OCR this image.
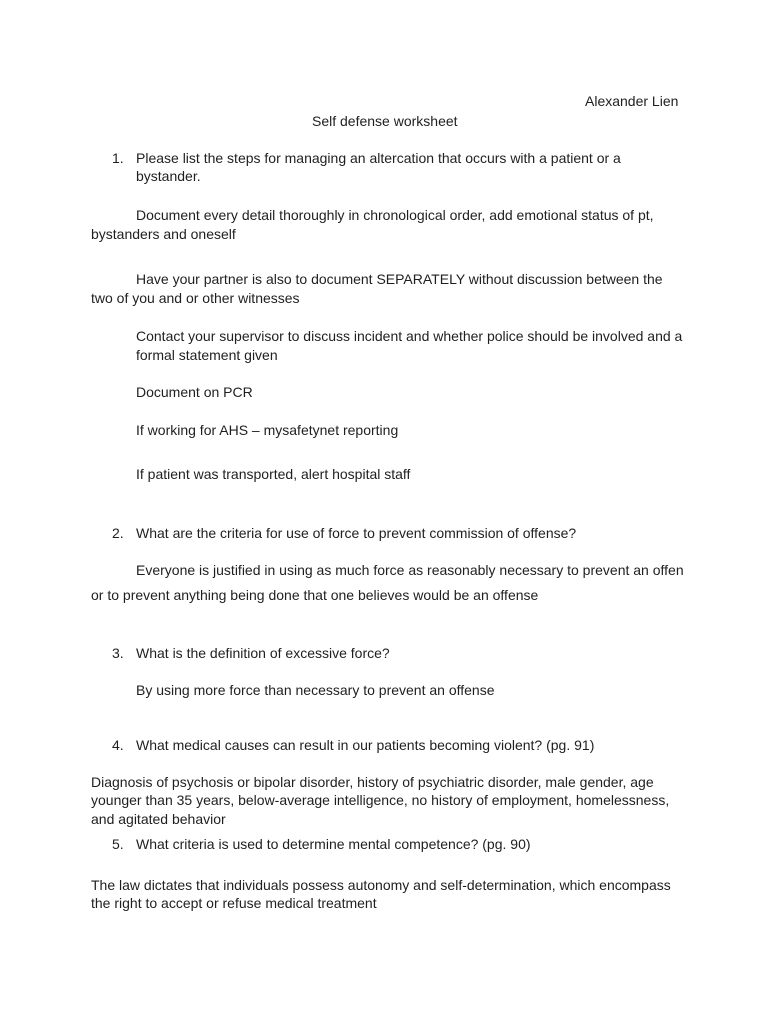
Alexander Lien

Self defense worksheet

1. Please list the steps for managing an altercation that occurs with a patient or a

bystander.

Document every detail thoroughly in chronological order, add emotional status of pt,

bystanders and oneself

Have your partner is also to document SEPARATELY without discussion between the

two of you and or other witnesses

Contact your supervisor to discuss incident and whether police should be involved and a

formal statement given

Document on PCR

If working for AHS – mysafetynet reporting

If patient was transported, alert hospital staff

2. What are the criteria for use of force to prevent commission of offense?

Everyone is justified in using as much force as reasonably necessary to prevent an offen

or to prevent anything being done that one believes would be an offense

3. What is the definition of excessive force?

By using more force than necessary to prevent an offense

4. What medical causes can result in our patients becoming violent? (pg. 91)

Diagnosis of psychosis or bipolar disorder, history of psychiatric disorder, male gender, age

younger than 35 years, below-average intelligence, no history of employment, homelessness,

and agitated behavior

5. What criteria is used to determine mental competence? (pg. 90)

The law dictates that individuals possess autonomy and self-determination, which encompass

the right to accept or refuse medical treatment
